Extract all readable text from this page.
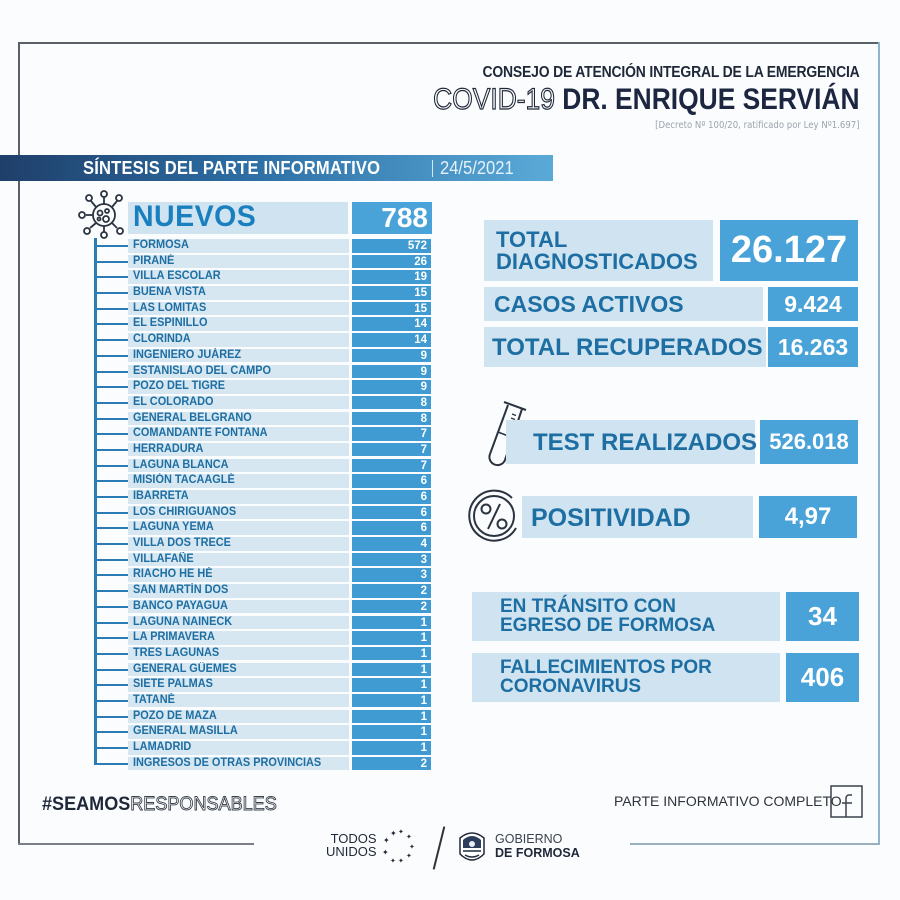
CONSEJO DE ATENCIÓN INTEGRAL DE LA EMERGENCIA
COVID-19 DR. ENRIQUE SERVIÁN
[Decreto Nº 100/20, ratificado por Ley Nº1.697]
SÍNTESIS DEL PARTE INFORMATIVO	24/5/2021
NUEVOS	788
FORMOSA	572
PIRANÉ	26
VILLA ESCOLAR	19
BUENA VISTA	15
LAS LOMITAS	15
EL ESPINILLO	14
CLORINDA	14
INGENIERO JUÁREZ	9
ESTANISLAO DEL CAMPO	9
POZO DEL TIGRE	9
EL COLORADO	8
GENERAL BELGRANO	8
COMANDANTE FONTANA	7
HERRADURA	7
LAGUNA BLANCA	7
MISIÓN TACAAGLÉ	6
IBARRETA	6
LOS CHIRIGUANOS	6
LAGUNA YEMA	6
VILLA DOS TRECE	4
VILLAFAÑE	3
RIACHO HE HÉ	3
SAN MARTÍN DOS	2
BANCO PAYAGUA	2
LAGUNA NAINECK	1
LA PRIMAVERA	1
TRES LAGUNAS	1
GENERAL GÜEMES	1
SIETE PALMAS	1
TATANÉ	1
POZO DE MAZA	1
GENERAL MASILLA	1
LAMADRID	1
INGRESOS DE OTRAS PROVINCIAS	2
TOTAL
DIAGNOSTICADOS 26.127
CASOS ACTIVOS	9.424
TOTAL RECUPERADOS 16.263
TEST REALIZADOS 526.018
POSITIVIDAD	4,97
EN TRÁNSITO CON
EGRESO DE FORMOSA	34
FALLECIMIENTOS POR
CORONAVIRUS	406
#SEAMOSRESPONSABLES	PARTE INFORMATIVO COMPLETO
TODOS
UNIDOS
✦ ✦
✦
✦
✦
✦ ✦
✦ ✦
GOBIERNO
DE FORMOSA
